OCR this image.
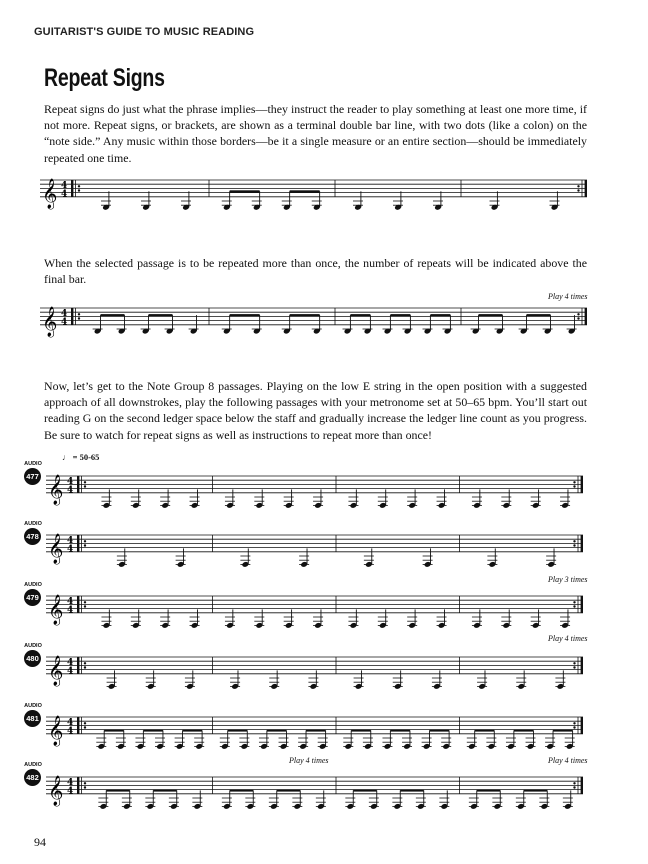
GUITARIST'S GUIDE TO MUSIC READING
Repeat Signs
Repeat signs do just what the phrase implies—they instruct the reader to play something at least one more time, if not more. Repeat signs, or brackets, are shown as a terminal double bar line, with two dots (like a colon) on the “note side.” Any music within those borders—be it a single measure or an entire section—should be immediately repeated one time.
𝄞 4
4
When the selected passage is to be repeated more than once, the number of repeats will be indicated above the final bar.
Play 4 times
𝄞 4
4
Now, let’s get to the Note Group 8 passages. Playing on the low E string in the open position with a suggested approach of all downstrokes, play the following passages with your metronome set at 50–65 bpm. You’ll start out reading G on the second ledger space below the staff and gradually increase the ledger line count as you progress. Be sure to watch for repeat signs as well as instructions to repeat more than once!
♩ = 50-65
AUDIO
477 𝄞 4
4
AUDIO
478 𝄞 4
4
Play 3 times
AUDIO
479 𝄞 4
4
Play 4 times
AUDIO
480 𝄞 4
4
AUDIO
481 𝄞 4
4
Play 4 times	Play 4 times
AUDIO
482 𝄞 4
4
94
